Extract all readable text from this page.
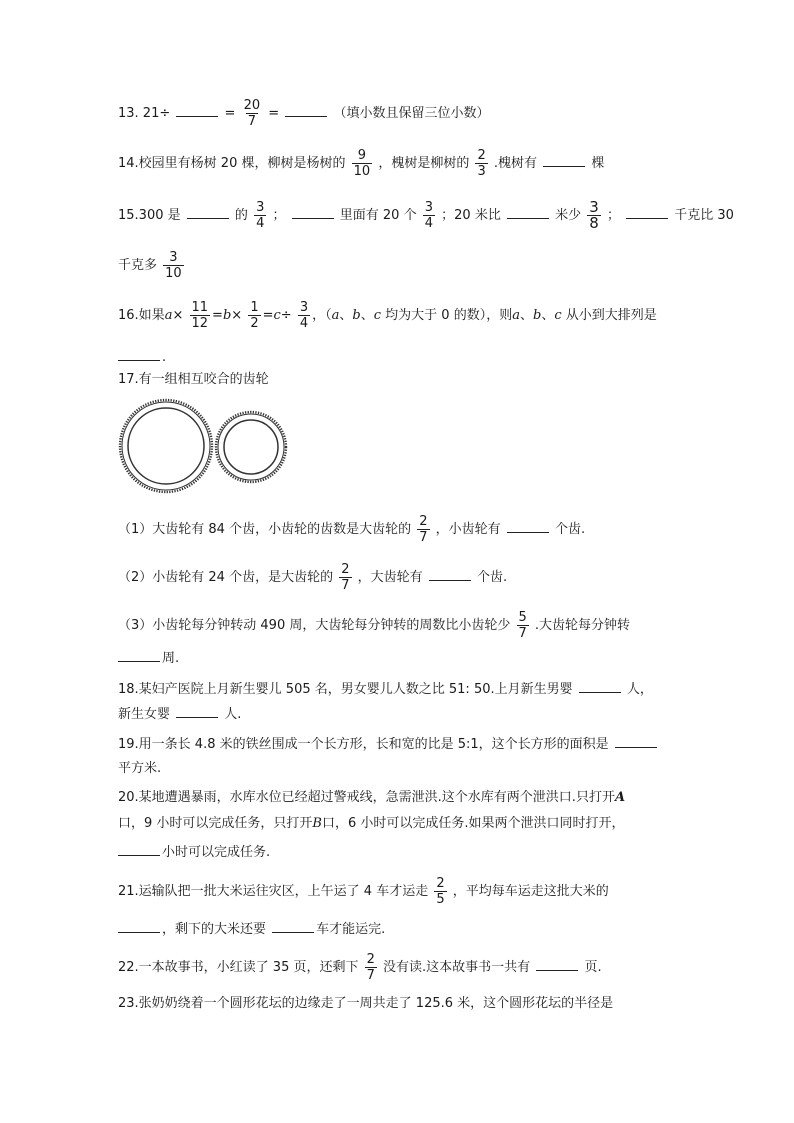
13. 21÷	= $\frac{20}{7}$ =	（填小数且保留三位小数）
14.校园里有杨树 20 棵，柳树是杨树的 $\frac{9}{10}$ ，槐树是柳树的 $\frac{2}{3}$ .槐树有	棵
15.300 是	的 $\frac{3}{4}$ ；	里面有 20 个 $\frac{3}{4}$ ；20 米比	米少 $\frac{3}{8}$ ；	千克比 30
千克多 $\frac{3}{10}$
16.如果$a\times \frac{11}{12} =b\times \frac{1}{2} =c\div \frac{3}{4}$ ，（a、b、c 均为大于 0 的数），则a、b、c 从小到大排列是
.
17.有一组相互咬合的齿轮
（1）大齿轮有 84 个齿，小齿轮的齿数是大齿轮的 $\frac{2}{7}$ ，小齿轮有	个齿.
（2）小齿轮有 24 个齿，是大齿轮的 $\frac{2}{7}$ ，大齿轮有	个齿.
（3）小齿轮每分钟转动 490 周，大齿轮每分钟转的周数比小齿轮少 $\frac{5}{7}$ .大齿轮每分钟转
周.
18.某妇产医院上月新生婴儿 505 名，男女婴儿人数之比 51: 50.上月新生男婴	人，
新生女婴	人.
19.用一条长 4.8 米的铁丝围成一个长方形，长和宽的比是 5:1，这个长方形的面积是
平方米.
20.某地遭遇暴雨，水库水位已经超过警戒线，急需泄洪.这个水库有两个泄洪口.只打开A
口，9 小时可以完成任务，只打开B口，6 小时可以完成任务.如果两个泄洪口同时打开，
小时可以完成任务.
21.运输队把一批大米运往灾区，上午运了 4 车才运走 $\frac{2}{5}$ ，平均每车运走这批大米的
，剩下的大米还要	车才能运完.
22.一本故事书，小红读了 35 页，还剩下 $\frac{2}{7}$ 没有读.这本故事书一共有	页.
23.张奶奶绕着一个圆形花坛的边缘走了一周共走了 125.6 米，这个圆形花坛的半径是
